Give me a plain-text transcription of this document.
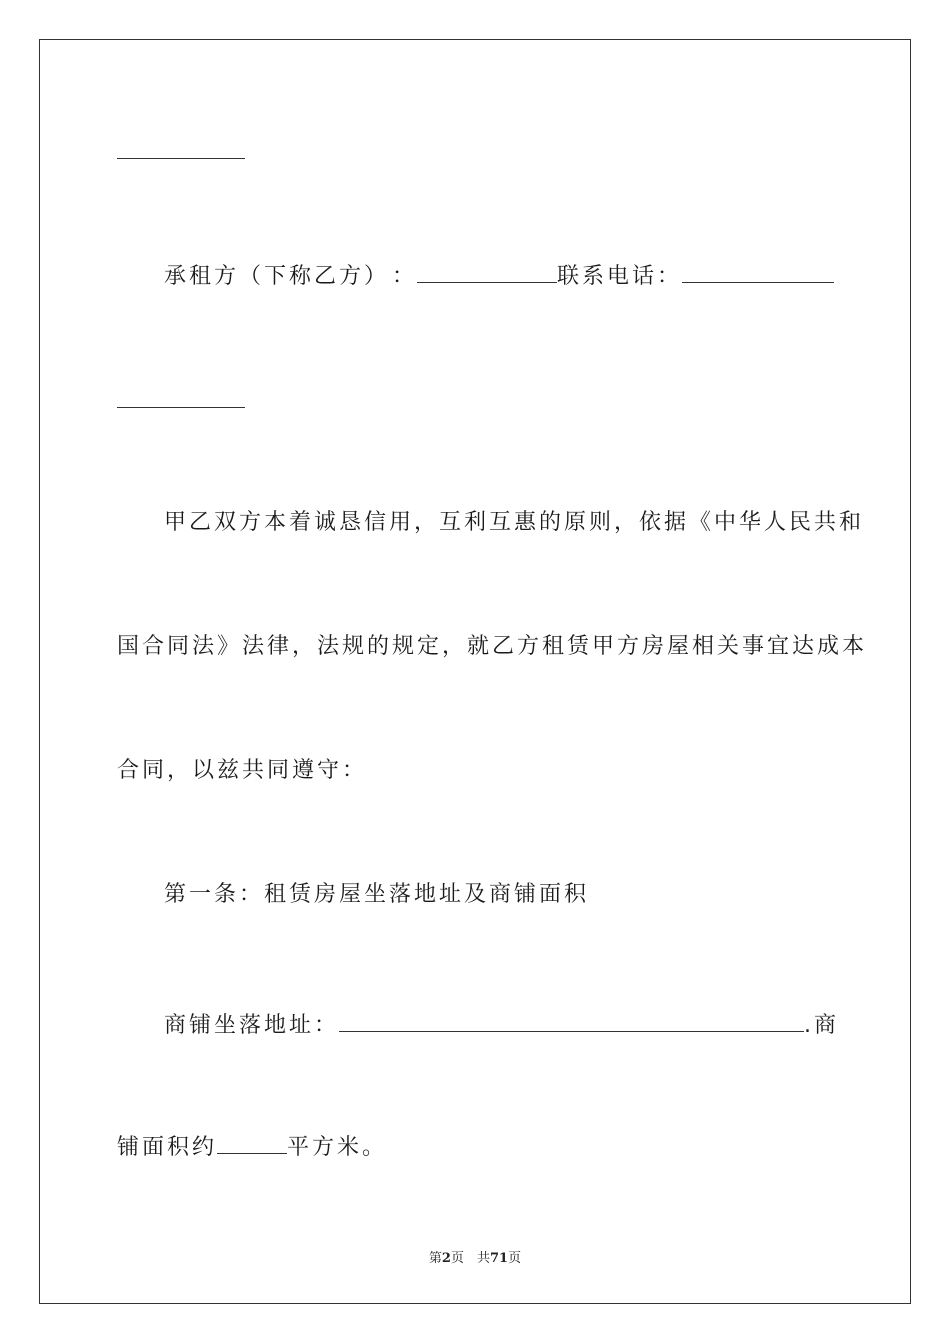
承租方（下称乙方） ：	联系电话：
甲乙双方本着诚恳信用，互利互惠的原则，依据《中华人民共和
国合同法》法律，法规的规定，就乙方租赁甲方房屋相关事宜达成本
合同，以兹共同遵守：
第一条：租赁房屋坐落地址及商铺面积
商铺坐落地址：	.商
铺面积约	平方米。
第2页　共71页
